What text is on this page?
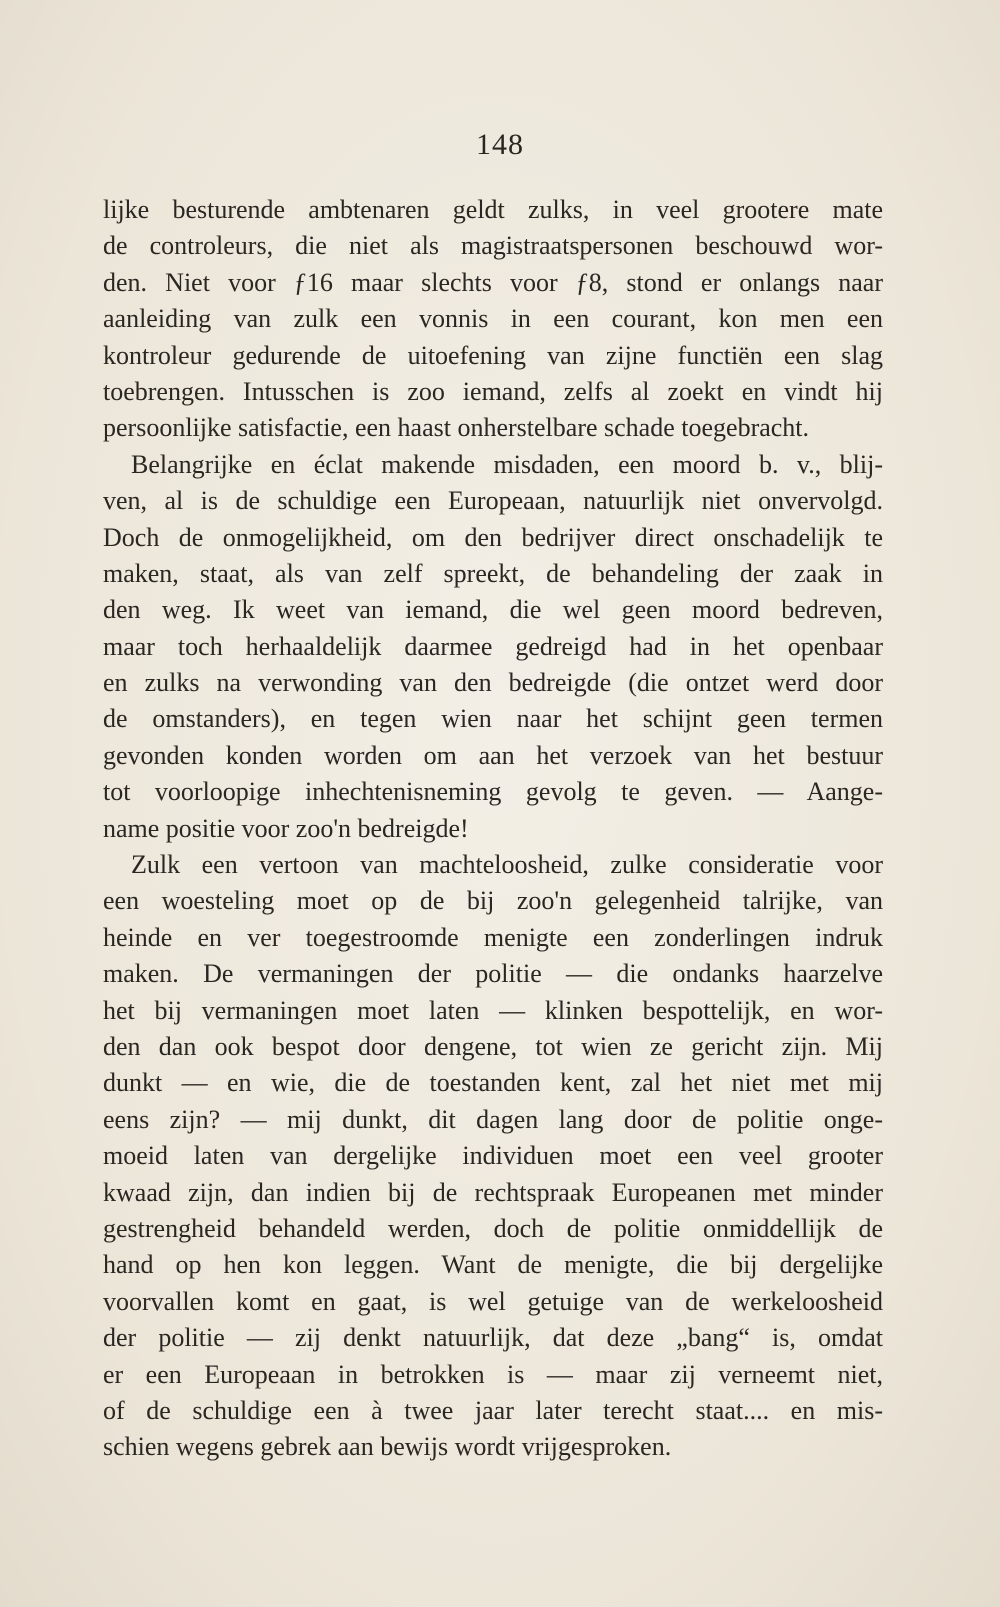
148
lijke besturende ambtenaren geldt zulks, in veel grootere mate
de controleurs, die niet als magistraatspersonen beschouwd wor-
den. Niet voor ƒ16 maar slechts voor ƒ8, stond er onlangs naar
aanleiding van zulk een vonnis in een courant, kon men een
kontroleur gedurende de uitoefening van zijne functiën een slag
toebrengen. Intusschen is zoo iemand, zelfs al zoekt en vindt hij
persoonlijke satisfactie, een haast onherstelbare schade toegebracht.
Belangrijke en éclat makende misdaden, een moord b. v., blij-
ven, al is de schuldige een Europeaan, natuurlijk niet onvervolgd.
Doch de onmogelijkheid, om den bedrijver direct onschadelijk te
maken, staat, als van zelf spreekt, de behandeling der zaak in
den weg. Ik weet van iemand, die wel geen moord bedreven,
maar toch herhaaldelijk daarmee gedreigd had in het openbaar
en zulks na verwonding van den bedreigde (die ontzet werd door
de omstanders), en tegen wien naar het schijnt geen termen
gevonden konden worden om aan het verzoek van het bestuur
tot voorloopige inhechtenisneming gevolg te geven. — Aange-
name positie voor zoo'n bedreigde!
Zulk een vertoon van machteloosheid, zulke consideratie voor
een woesteling moet op de bij zoo'n gelegenheid talrijke, van
heinde en ver toegestroomde menigte een zonderlingen indruk
maken. De vermaningen der politie — die ondanks haarzelve
het bij vermaningen moet laten — klinken bespottelijk, en wor-
den dan ook bespot door dengene, tot wien ze gericht zijn. Mij
dunkt — en wie, die de toestanden kent, zal het niet met mij
eens zijn? — mij dunkt, dit dagen lang door de politie onge-
moeid laten van dergelijke individuen moet een veel grooter
kwaad zijn, dan indien bij de rechtspraak Europeanen met minder
gestrengheid behandeld werden, doch de politie onmiddellijk de
hand op hen kon leggen. Want de menigte, die bij dergelijke
voorvallen komt en gaat, is wel getuige van de werkeloosheid
der politie — zij denkt natuurlijk, dat deze „bang“ is, omdat
er een Europeaan in betrokken is — maar zij verneemt niet,
of de schuldige een à twee jaar later terecht staat.... en mis-
schien wegens gebrek aan bewijs wordt vrijgesproken.
